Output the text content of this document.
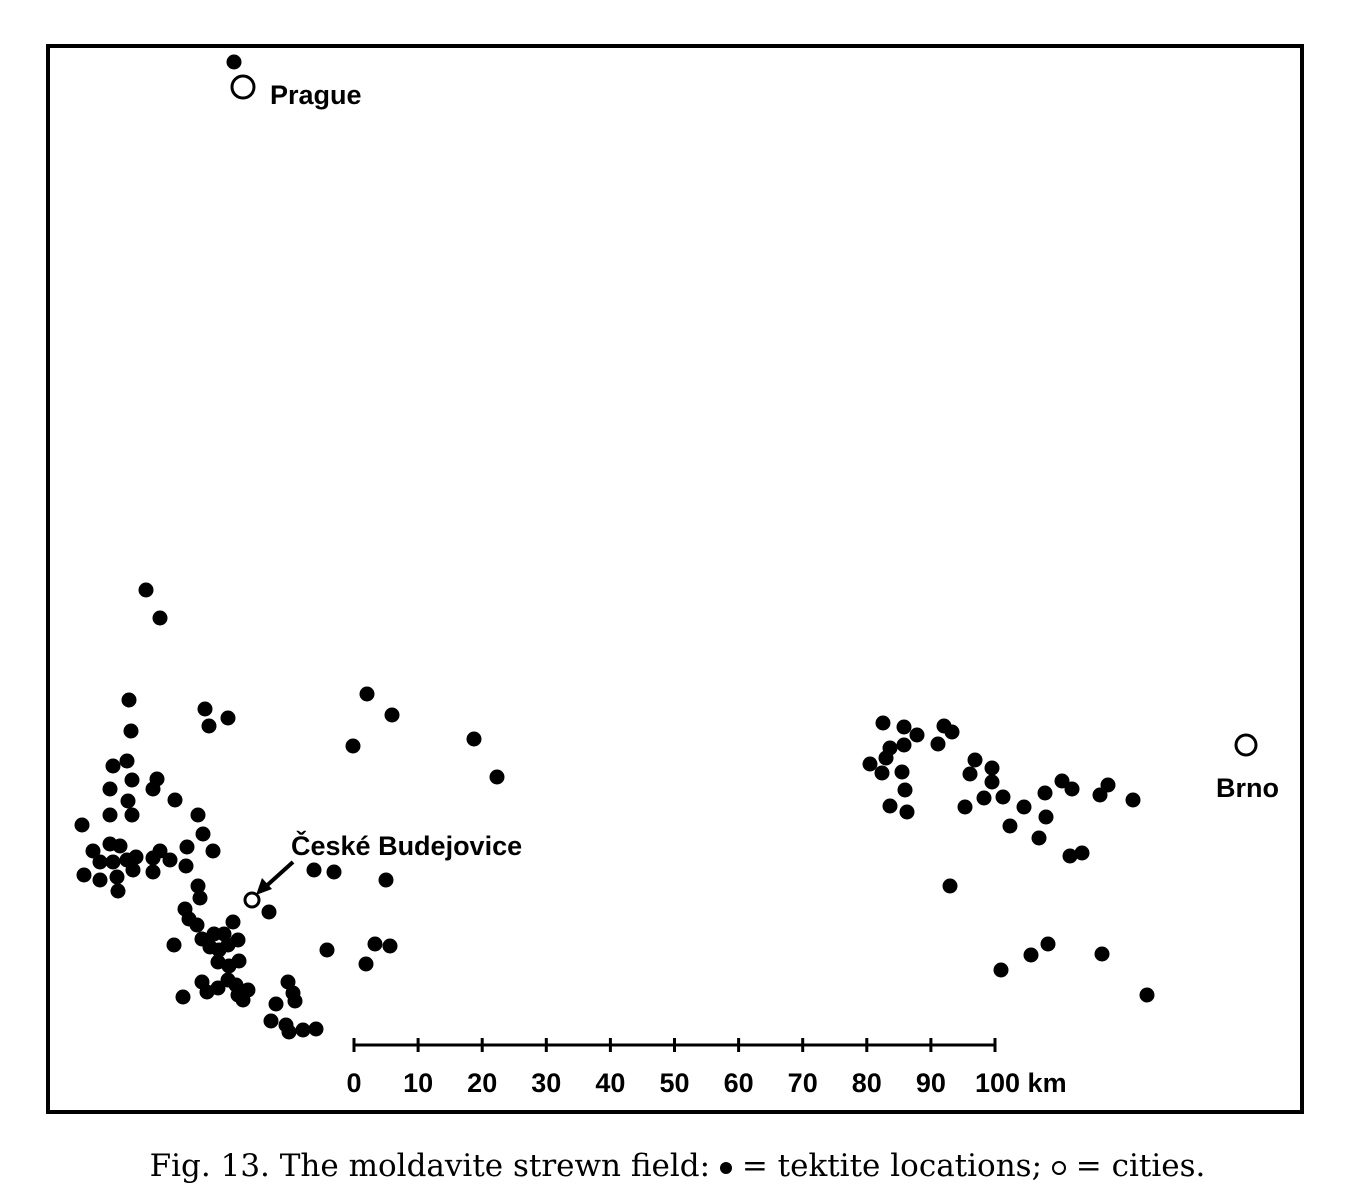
Prague
České Budejovice
Brno
0 10 20 30 40 50 60 70 80 90 100 km
Fig. 13. The moldavite strewn field: = tektite locations; = cities.
